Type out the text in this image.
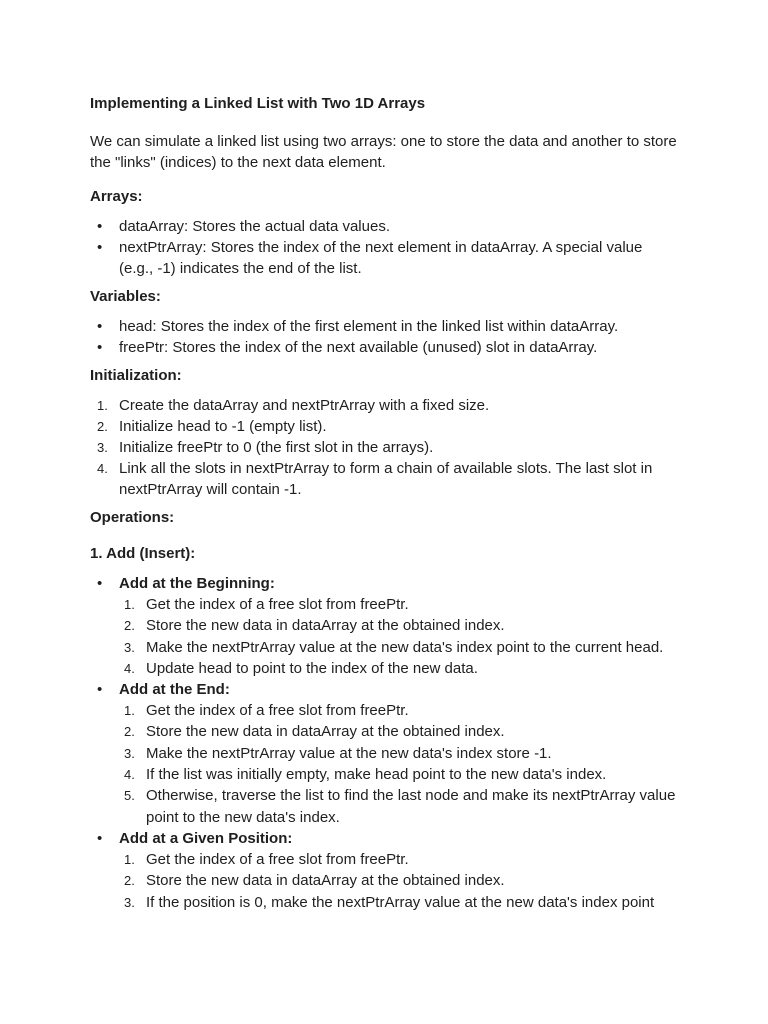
Implementing a Linked List with Two 1D Arrays

We can simulate a linked list using two arrays: one to store the data and another to store the "links" (indices) to the next data element.

Arrays:
• dataArray: Stores the actual data values.
• nextPtrArray: Stores the index of the next element in dataArray. A special value (e.g., -1) indicates the end of the list.
Variables:
• head: Stores the index of the first element in the linked list within dataArray.
• freePtr: Stores the index of the next available (unused) slot in dataArray.
Initialization:
1. Create the dataArray and nextPtrArray with a fixed size.
2. Initialize head to -1 (empty list).
3. Initialize freePtr to 0 (the first slot in the arrays).
4. Link all the slots in nextPtrArray to form a chain of available slots. The last slot in nextPtrArray will contain -1.
Operations:
1. Add (Insert):
• Add at the Beginning:
1. Get the index of a free slot from freePtr.
2. Store the new data in dataArray at the obtained index.
3. Make the nextPtrArray value at the new data's index point to the current head.
4. Update head to point to the index of the new data.
• Add at the End:
1. Get the index of a free slot from freePtr.
2. Store the new data in dataArray at the obtained index.
3. Make the nextPtrArray value at the new data's index store -1.
4. If the list was initially empty, make head point to the new data's index.
5. Otherwise, traverse the list to find the last node and make its nextPtrArray value point to the new data's index.
• Add at a Given Position:
1. Get the index of a free slot from freePtr.
2. Store the new data in dataArray at the obtained index.
3. If the position is 0, make the nextPtrArray value at the new data's index point
